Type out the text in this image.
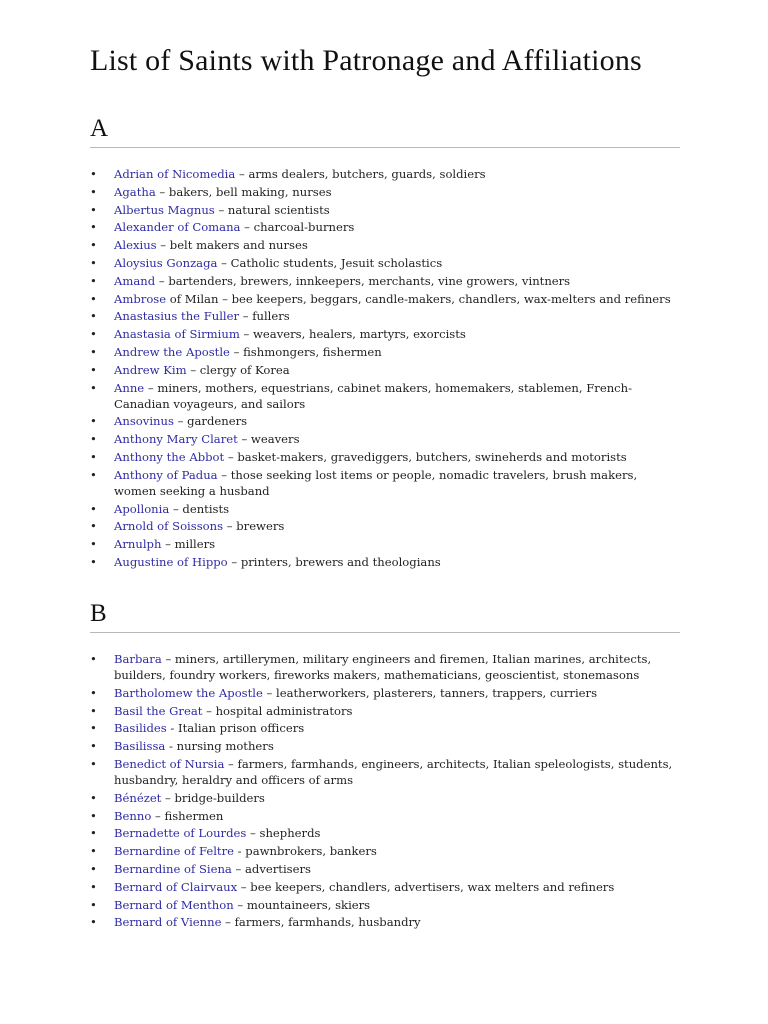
List of Saints with Patronage and Affiliations
A
• Adrian of Nicomedia – arms dealers, butchers, guards, soldiers
• Agatha – bakers, bell making, nurses
• Albertus Magnus – natural scientists
• Alexander of Comana – charcoal-burners
• Alexius – belt makers and nurses
• Aloysius Gonzaga – Catholic students, Jesuit scholastics
• Amand – bartenders, brewers, innkeepers, merchants, vine growers, vintners
• Ambrose of Milan – bee keepers, beggars, candle-makers, chandlers, wax-melters and refiners
• Anastasius the Fuller – fullers
• Anastasia of Sirmium – weavers, healers, martyrs, exorcists
• Andrew the Apostle – fishmongers, fishermen
• Andrew Kim – clergy of Korea
• Anne – miners, mothers, equestrians, cabinet makers, homemakers, stablemen, French-Canadian voyageurs, and sailors
• Ansovinus – gardeners
• Anthony Mary Claret – weavers
• Anthony the Abbot – basket-makers, gravediggers, butchers, swineherds and motorists
• Anthony of Padua – those seeking lost items or people, nomadic travelers, brush makers, women seeking a husband
• Apollonia – dentists
• Arnold of Soissons – brewers
• Arnulph – millers
• Augustine of Hippo – printers, brewers and theologians
B
• Barbara – miners, artillerymen, military engineers and firemen, Italian marines, architects, builders, foundry workers, fireworks makers, mathematicians, geoscientist, stonemasons
• Bartholomew the Apostle – leatherworkers, plasterers, tanners, trappers, curriers
• Basil the Great – hospital administrators
• Basilides - Italian prison officers
• Basilissa - nursing mothers
• Benedict of Nursia – farmers, farmhands, engineers, architects, Italian speleologists, students, husbandry, heraldry and officers of arms
• Bénézet – bridge-builders
• Benno – fishermen
• Bernadette of Lourdes – shepherds
• Bernardine of Feltre - pawnbrokers, bankers
• Bernardine of Siena – advertisers
• Bernard of Clairvaux – bee keepers, chandlers, advertisers, wax melters and refiners
• Bernard of Menthon – mountaineers, skiers
• Bernard of Vienne – farmers, farmhands, husbandry
